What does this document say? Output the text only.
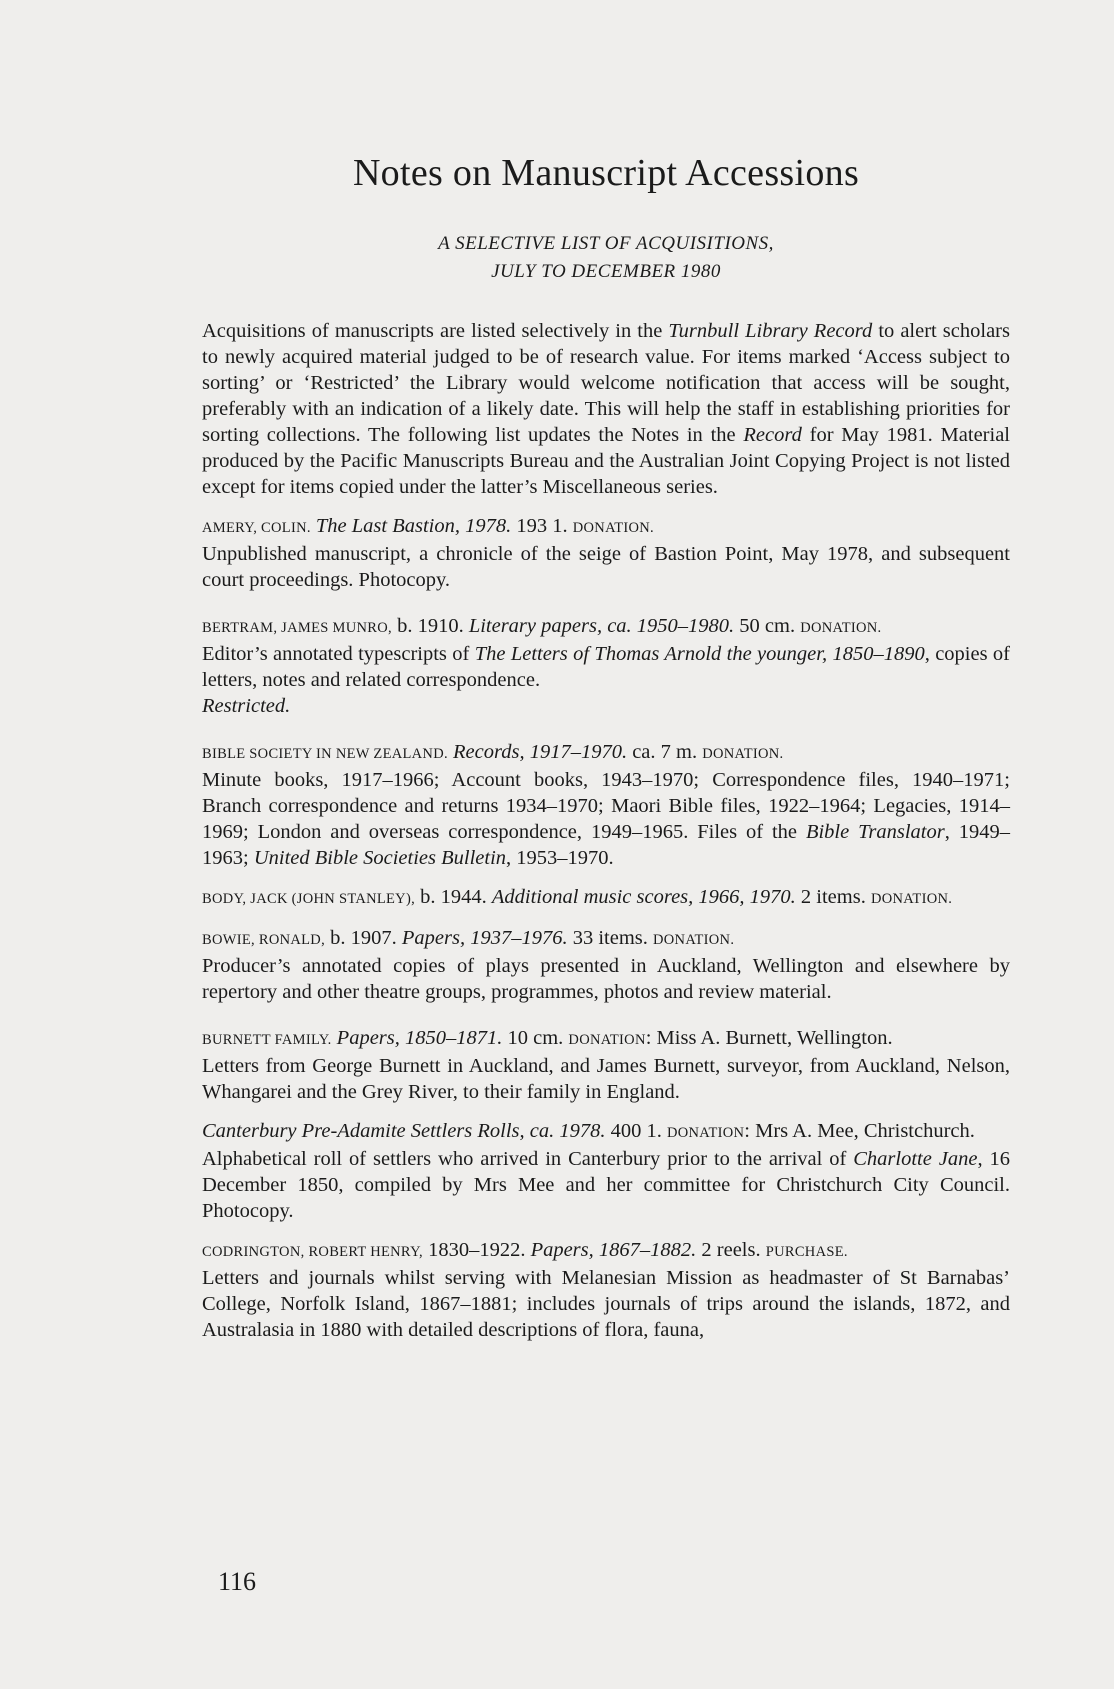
Notes on Manuscript Accessions
A SELECTIVE LIST OF ACQUISITIONS,
JULY TO DECEMBER 1980

Acquisitions of manuscripts are listed selectively in the Turnbull Library Record to alert scholars to newly acquired material judged to be of research value. For items marked ‘Access subject to sorting’ or ‘Restricted’ the Library would welcome notification that access will be sought, preferably with an indication of a likely date. This will help the staff in establishing priorities for sorting collections. The following list updates the Notes in the Record for May 1981. Material produced by the Pacific Manuscripts Bureau and the Australian Joint Copying Project is not listed except for items copied under the latter’s Miscellaneous series.

AMERY, COLIN. The Last Bastion, 1978. 193 1. DONATION.

Unpublished manuscript, a chronicle of the seige of Bastion Point, May 1978, and subsequent court proceedings. Photocopy.

BERTRAM, JAMES MUNRO, b. 1910. Literary papers, ca. 1950–1980. 50 cm. DONATION.

Editor’s annotated typescripts of The Letters of Thomas Arnold the younger, 1850–1890, copies of letters, notes and related correspondence.

Restricted.

BIBLE SOCIETY IN NEW ZEALAND. Records, 1917–1970. ca. 7 m. DONATION.

Minute books, 1917–1966; Account books, 1943–1970; Correspondence files, 1940–1971; Branch correspondence and returns 1934–1970; Maori Bible files, 1922–1964; Legacies, 1914–1969; London and overseas correspondence, 1949–1965. Files of the Bible Translator, 1949–1963; United Bible Societies Bulletin, 1953–1970.

BODY, JACK (JOHN STANLEY), b. 1944. Additional music scores, 1966, 1970. 2 items. DONATION.

BOWIE, RONALD, b. 1907. Papers, 1937–1976. 33 items. DONATION.

Producer’s annotated copies of plays presented in Auckland, Wellington and elsewhere by repertory and other theatre groups, programmes, photos and review material.

BURNETT FAMILY. Papers, 1850–1871. 10 cm. DONATION: Miss A. Burnett, Wellington.

Letters from George Burnett in Auckland, and James Burnett, surveyor, from Auckland, Nelson, Whangarei and the Grey River, to their family in England.

Canterbury Pre-Adamite Settlers Rolls, ca. 1978. 400 1. DONATION: Mrs A. Mee, Christchurch.

Alphabetical roll of settlers who arrived in Canterbury prior to the arrival of Charlotte Jane, 16 December 1850, compiled by Mrs Mee and her committee for Christchurch City Council. Photocopy.

CODRINGTON, ROBERT HENRY, 1830–1922. Papers, 1867–1882. 2 reels. PURCHASE.

Letters and journals whilst serving with Melanesian Mission as headmaster of St Barnabas’ College, Norfolk Island, 1867–1881; includes journals of trips around the islands, 1872, and Australasia in 1880 with detailed descriptions of flora, fauna,

116
